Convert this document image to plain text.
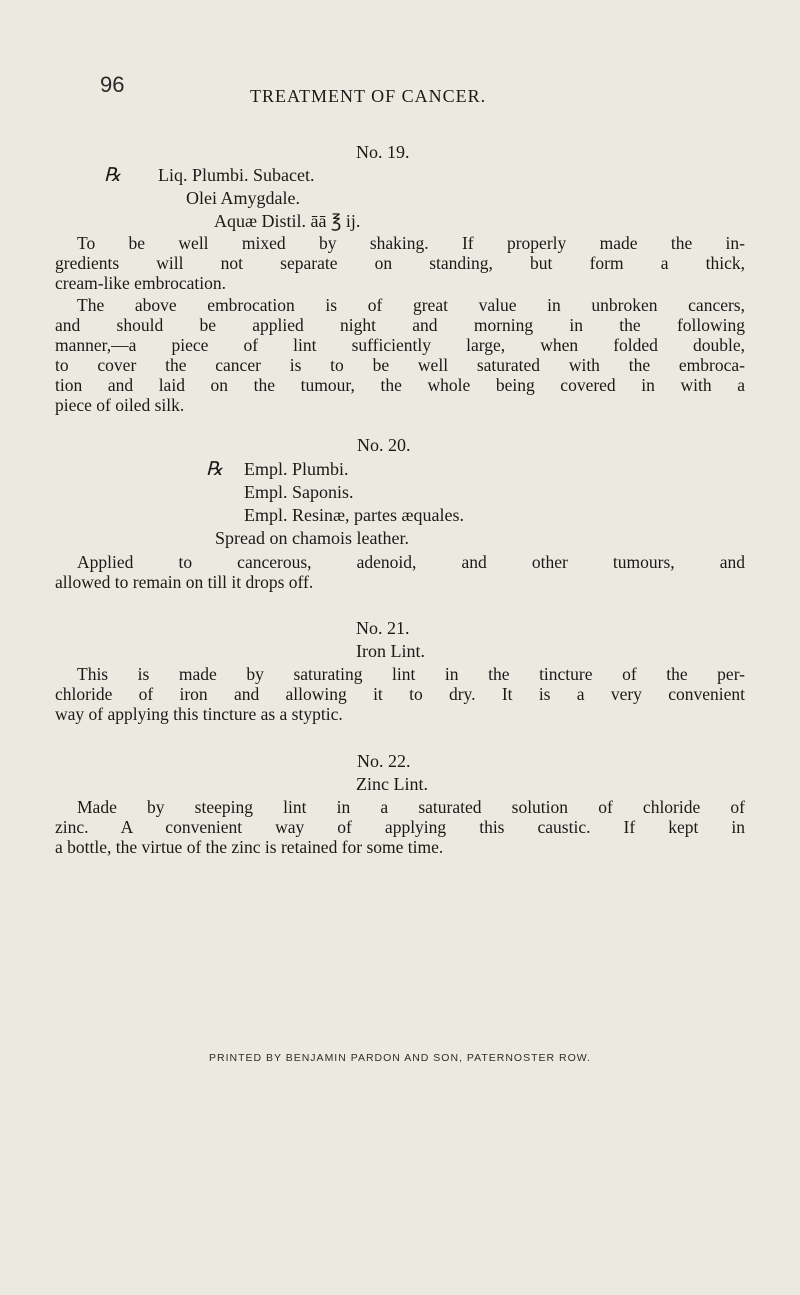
96	TREATMENT OF CANCER.
No. 19.
℞ Liq. Plumbi. Subacet.
Olei Amygdale.
Aquæ Distil. āā ℥ ij.
To be well mixed by shaking. If properly made the in-
gredients will not separate on standing, but form a thick,
cream-like embrocation.
The above embrocation is of great value in unbroken cancers,
and should be applied night and morning in the following
manner,—a piece of lint sufficiently large, when folded double,
to cover the cancer is to be well saturated with the embroca-
tion and laid on the tumour, the whole being covered in with a
piece of oiled silk.
No. 20.
℞ Empl. Plumbi.
Empl. Saponis.
Empl. Resinæ, partes æquales.
Spread on chamois leather.
Applied to cancerous, adenoid, and other tumours, and
allowed to remain on till it drops off.
No. 21.
Iron Lint.
This is made by saturating lint in the tincture of the per-
chloride of iron and allowing it to dry. It is a very convenient
way of applying this tincture as a styptic.
No. 22.
Zinc Lint.
Made by steeping lint in a saturated solution of chloride of
zinc. A convenient way of applying this caustic. If kept in
a bottle, the virtue of the zinc is retained for some time.
PRINTED BY BENJAMIN PARDON AND SON, PATERNOSTER ROW.
